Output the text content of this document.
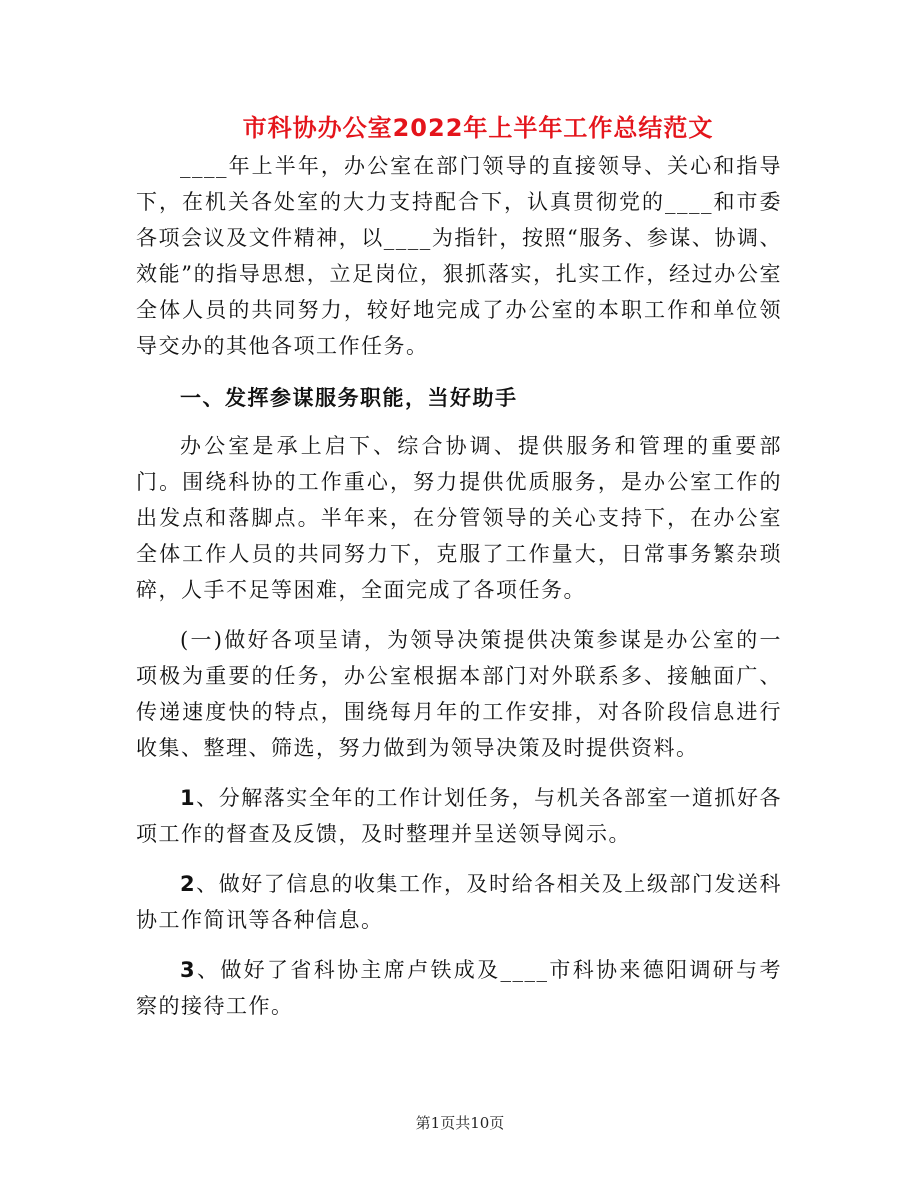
市科协办公室2022年上半年工作总结范文

____年上半年，办公室在部门领导的直接领导、关心和指导下，在机关各处室的大力支持配合下，认真贯彻党的____和市委各项会议及文件精神，以____为指针，按照“服务、参谋、协调、效能”的指导思想，立足岗位，狠抓落实，扎实工作，经过办公室全体人员的共同努力，较好地完成了办公室的本职工作和单位领导交办的其他各项工作任务。

一、发挥参谋服务职能，当好助手

办公室是承上启下、综合协调、提供服务和管理的重要部门。围绕科协的工作重心，努力提供优质服务，是办公室工作的出发点和落脚点。半年来，在分管领导的关心支持下，在办公室全体工作人员的共同努力下，克服了工作量大，日常事务繁杂琐碎，人手不足等困难，全面完成了各项任务。

(一)做好各项呈请，为领导决策提供决策参谋是办公室的一项极为重要的任务，办公室根据本部门对外联系多、接触面广、传递速度快的特点，围绕每月年的工作安排，对各阶段信息进行收集、整理、筛选，努力做到为领导决策及时提供资料。

1、分解落实全年的工作计划任务，与机关各部室一道抓好各项工作的督查及反馈，及时整理并呈送领导阅示。

2、做好了信息的收集工作，及时给各相关及上级部门发送科协工作简讯等各种信息。

3、做好了省科协主席卢铁成及____市科协来德阳调研与考察的接待工作。

第1页共10页
